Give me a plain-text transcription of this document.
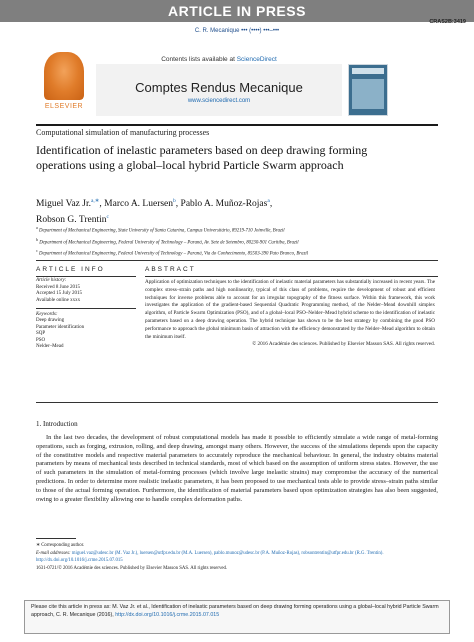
ARTICLE IN PRESS
CRAS2B:3419
C. R. Mecanique ••• (••••) •••–•••
ELSEVIER
Contents lists available at ScienceDirect
Comptes Rendus Mecanique
www.sciencedirect.com
Computational simulation of manufacturing processes
Identification of inelastic parameters based on deep drawing forming operations using a global–local hybrid Particle Swarm approach
Miguel Vaz Jr.$^{a,∗}$, Marco A. Luersen$^b$, Pablo A. Muñoz-Rojas$^a$,
Robson G. Trentin$^c$
$^a$ Department of Mechanical Engineering, State University of Santa Catarina, Campus Universitário, 89219-710 Joinville, Brazil
$^b$ Department of Mechanical Engineering, Federal University of Technology – Paraná, Av. Sete de Setembro, 80230-901 Curitiba, Brazil
$^c$ Department of Mechanical Engineering, Federal University of Technology – Paraná, Via do Conhecimento, 85503-390 Pato Branco, Brazil
ARTICLE INFO	ABSTRACT
Article history:
Received 8 June 2015
Accepted 15 July 2015
Available online xxxx
Keywords:
Deep drawing
Parameter identification
SQP
PSO
Nelder–Mead
Application of optimization techniques to the identification of inelastic material parameters has substantially increased in recent years. The complex stress–strain paths and high nonlinearity, typical of this class of problems, require the development of robust and efficient techniques for inverse problems able to account for an irregular topography of the fitness surface. Within this framework, this work investigates the application of the gradient-based Sequential Quadratic Programming method, of the Nelder–Mead downhill simplex algorithm, of Particle Swarm Optimization (PSO), and of a global–local PSO–Nelder–Mead hybrid scheme to the identification of inelastic parameters based on a deep drawing operation. The hybrid technique has shown to be the best strategy by combining the good PSO performance to approach the global minimum basin of attraction with the efficiency demonstrated by the Nelder–Mead algorithm to obtain the minimum itself.
© 2016 Académie des sciences. Published by Elsevier Masson SAS. All rights reserved.
1. Introduction
In the last two decades, the development of robust computational models has made it possible to efficiently simulate a wide range of metal-forming operations, such as forging, extrusion, rolling, and deep drawing, amongst many others. However, the success of the simulations depends upon the capacity of the constitutive models and respective material parameters to accurately reproduce the mechanical behaviour. In general, the industry obtains material parameters by means of mechanical tests described in technical standards, most of which based on the assumption of uniform stress states. However, the use of such parameters in the simulation of metal-forming processes (which involve large inelastic strains) may compromise the accuracy of the numerical predictions. In order to determine more realistic inelastic parameters, it has been proposed to use mechanical tests able to provide stress–strain paths similar to those of the actual forming operation. Furthermore, the identification of material parameters based upon optimization strategies has also been suggested, owing to a greater flexibility allowing one to handle complex deformation paths.
∗ Corresponding author.
E-mail addresses: miguel.vaz@udesc.br (M. Vaz Jr.), luersen@utfpr.edu.br (M.A. Luersen), pablo.munoz@udesc.br (P.A. Muñoz-Rojas), robsontrentin@utfpr.edu.br (R.G. Trentin).
http://dx.doi.org/10.1016/j.crme.2015.07.015
1631-0721/© 2016 Académie des sciences. Published by Elsevier Masson SAS. All rights reserved.
Please cite this article in press as: M. Vaz Jr. et al., Identification of inelastic parameters based on deep drawing forming operations using a global–local hybrid Particle Swarm approach, C. R. Mecanique (2016), http://dx.doi.org/10.1016/j.crme.2015.07.015
